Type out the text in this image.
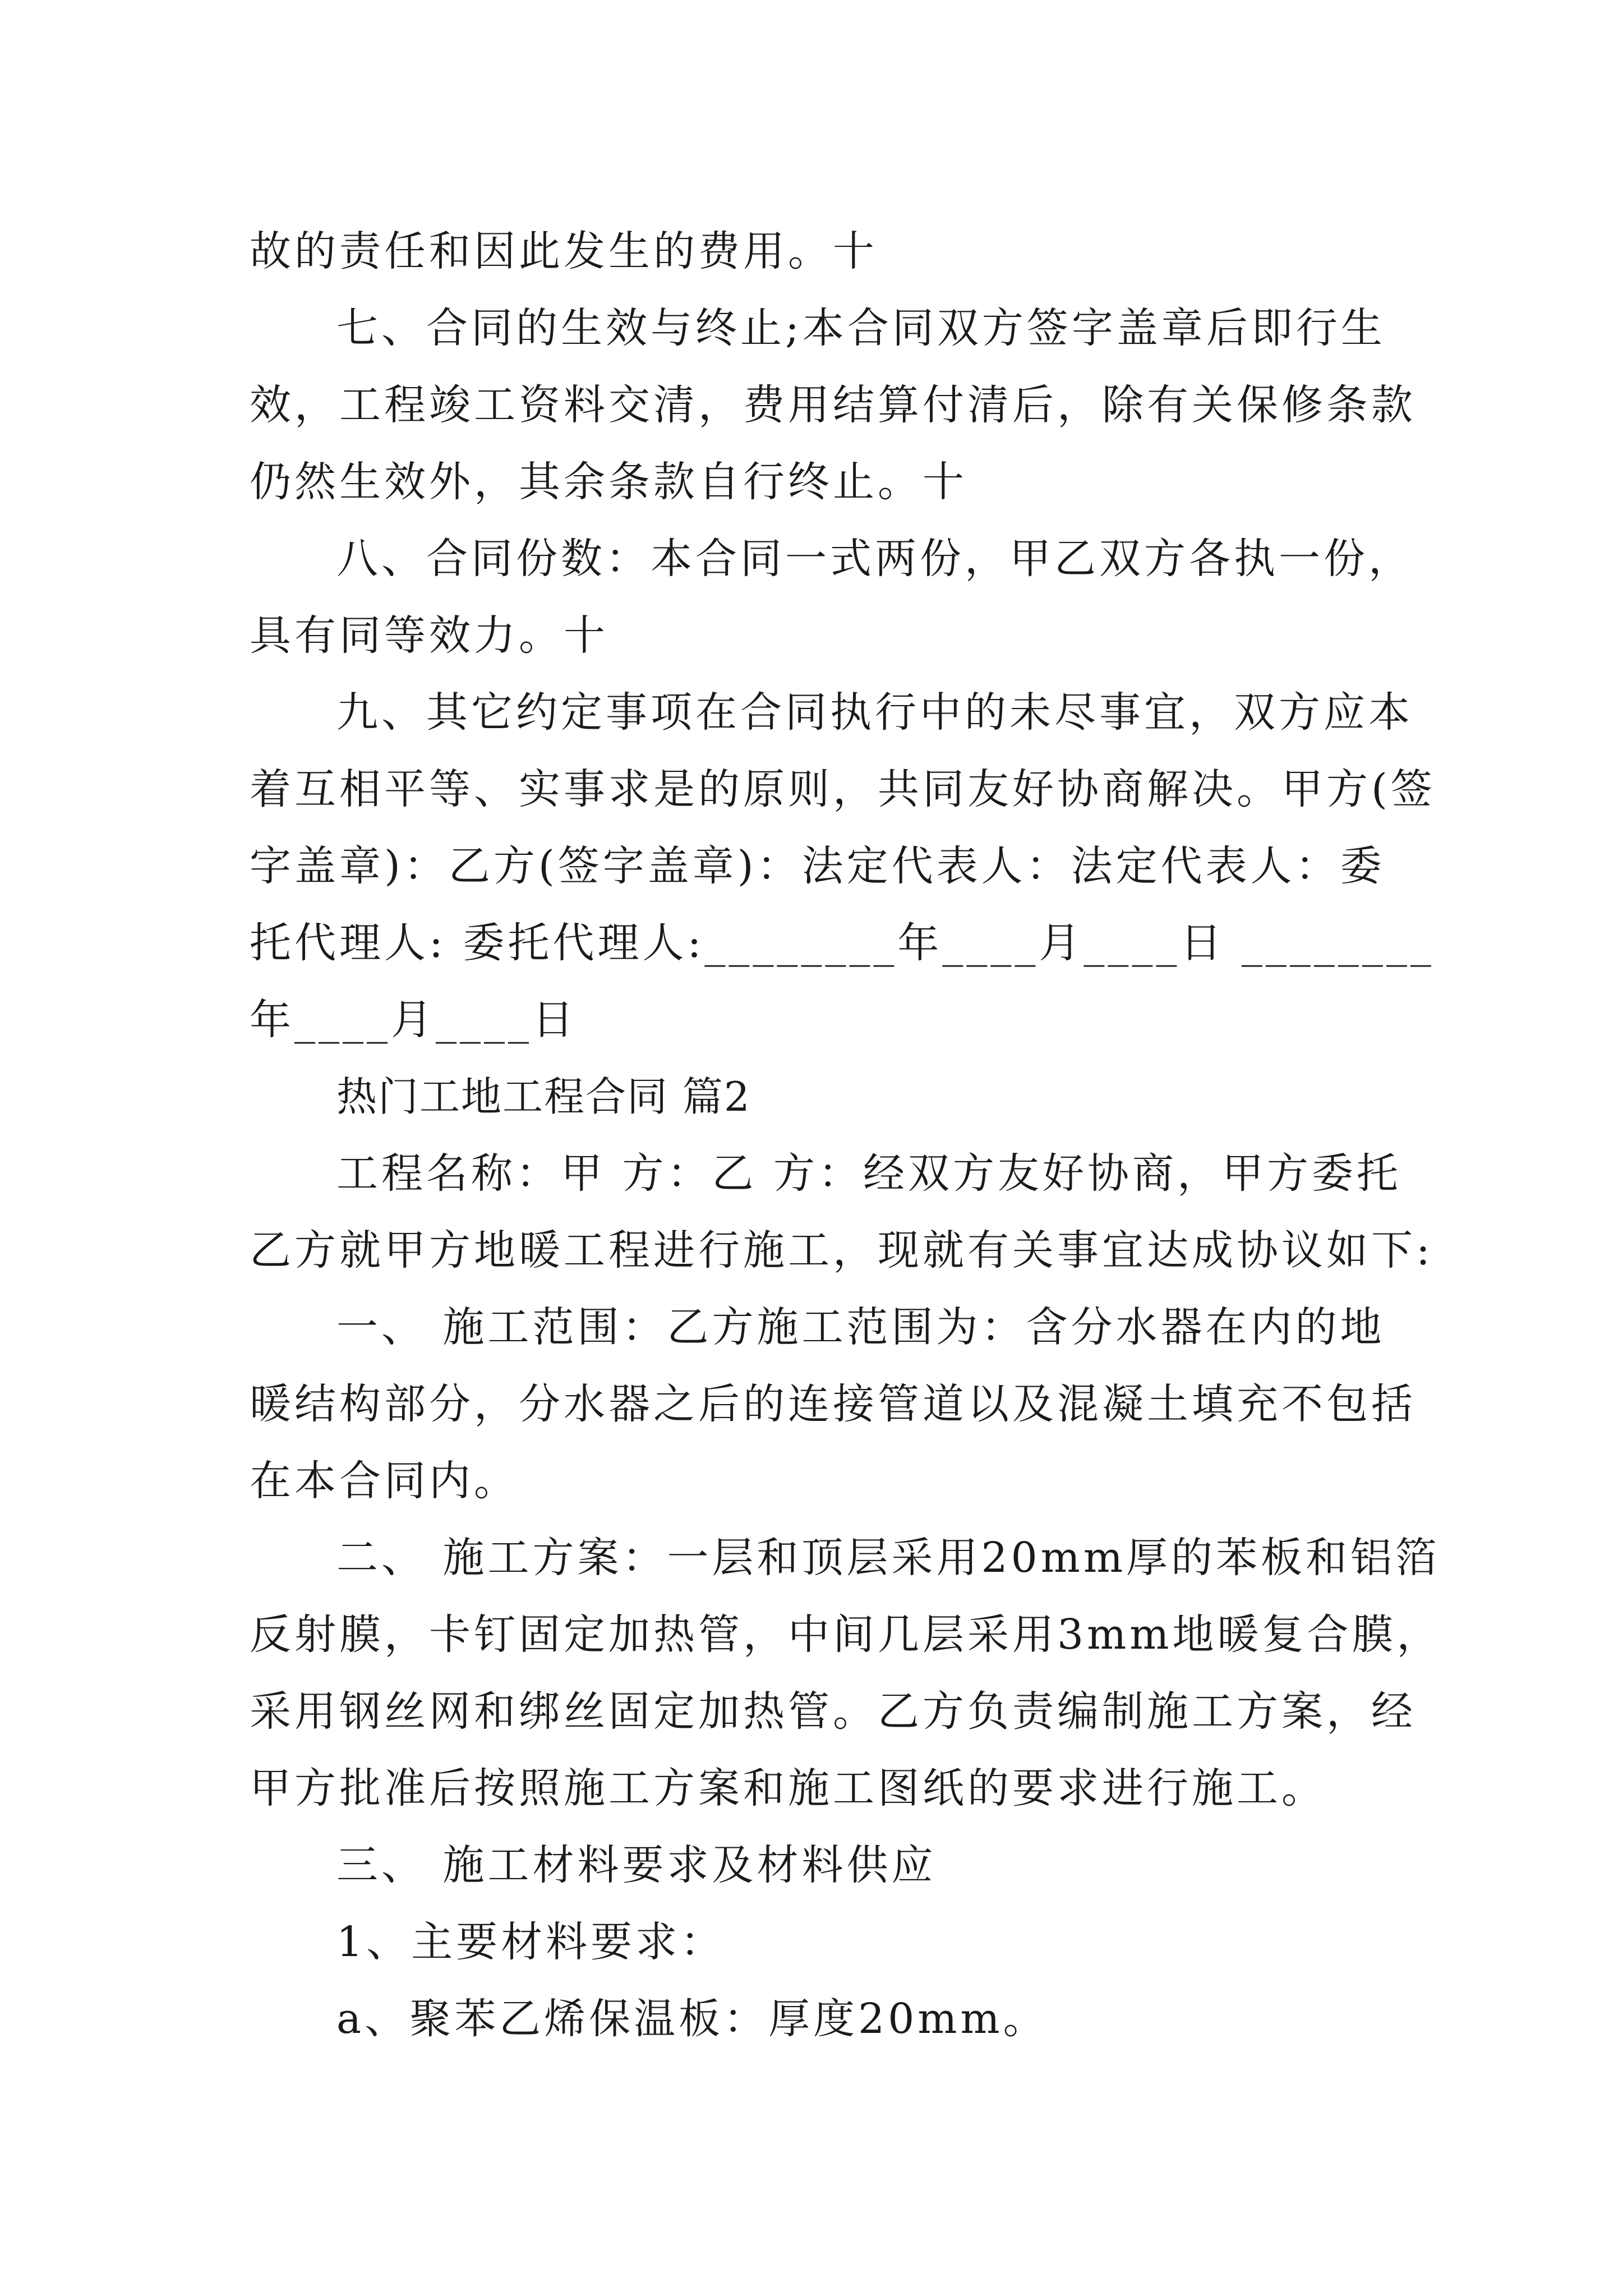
故的责任和因此发生的费用。十
七、合同的生效与终止;本合同双方签字盖章后即行生
效，工程竣工资料交清，费用结算付清后，除有关保修条款
仍然生效外，其余条款自行终止。十
八、合同份数：本合同一式两份，甲乙双方各执一份，
具有同等效力。十
九、其它约定事项在合同执行中的未尽事宜，双方应本
着互相平等、实事求是的原则，共同友好协商解决。甲方(签
字盖章)：乙方(签字盖章)：法定代表人：法定代表人：委
托代理人: 委托代理人:________年____月____日 ________
年____月____日
热门工地工程合同 篇2
工程名称：甲 方：乙 方：经双方友好协商，甲方委托
乙方就甲方地暖工程进行施工，现就有关事宜达成协议如下:
一、 施工范围：乙方施工范围为：含分水器在内的地
暖结构部分，分水器之后的连接管道以及混凝土填充不包括
在本合同内。
二、 施工方案：一层和顶层采用20mm厚的苯板和铝箔
反射膜，卡钉固定加热管，中间几层采用3mm地暖复合膜，
采用钢丝网和绑丝固定加热管。乙方负责编制施工方案，经
甲方批准后按照施工方案和施工图纸的要求进行施工。
三、 施工材料要求及材料供应
1、主要材料要求：
a、聚苯乙烯保温板：厚度20mm。
